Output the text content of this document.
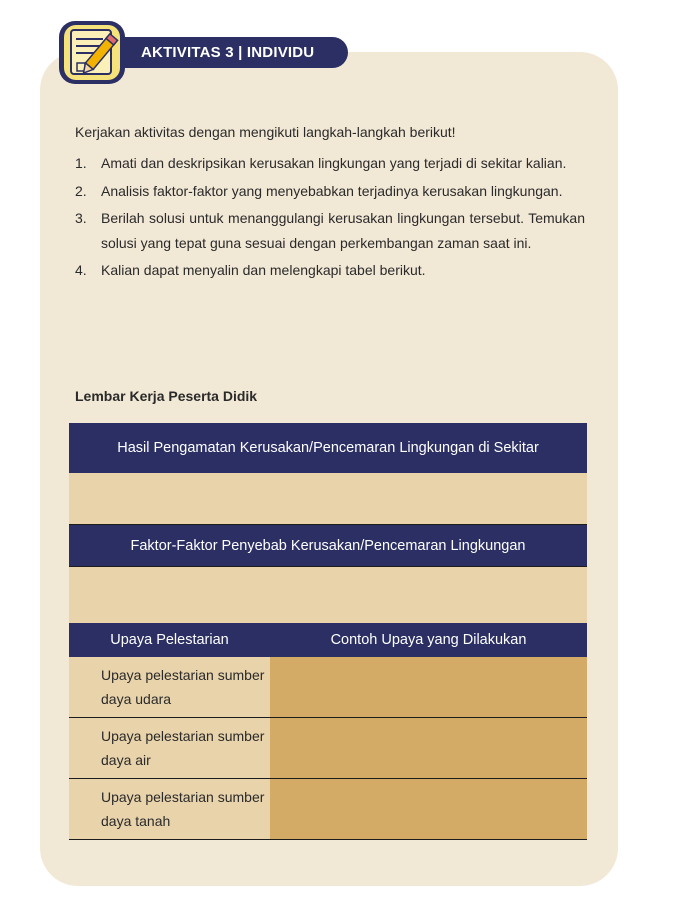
AKTIVITAS 3 | INDIVIDU
Kerjakan aktivitas dengan mengikuti langkah-langkah berikut!
1.	Amati dan deskripsikan kerusakan lingkungan yang terjadi di sekitar kalian.
2.	Analisis faktor-faktor yang menyebabkan terjadinya kerusakan lingkungan.
3.	Berilah solusi untuk menanggulangi kerusakan lingkungan tersebut. Temukan solusi yang tepat guna sesuai dengan perkembangan zaman saat ini.
4.	Kalian dapat menyalin dan melengkapi tabel berikut.
Lembar Kerja Peserta Didik
Hasil Pengamatan Kerusakan/Pencemaran Lingkungan di Sekitar
Faktor-Faktor Penyebab Kerusakan/Pencemaran Lingkungan
Upaya Pelestarian	Contoh Upaya yang Dilakukan
Upaya pelestarian sumber daya udara
Upaya pelestarian sumber daya air
Upaya pelestarian sumber daya tanah
